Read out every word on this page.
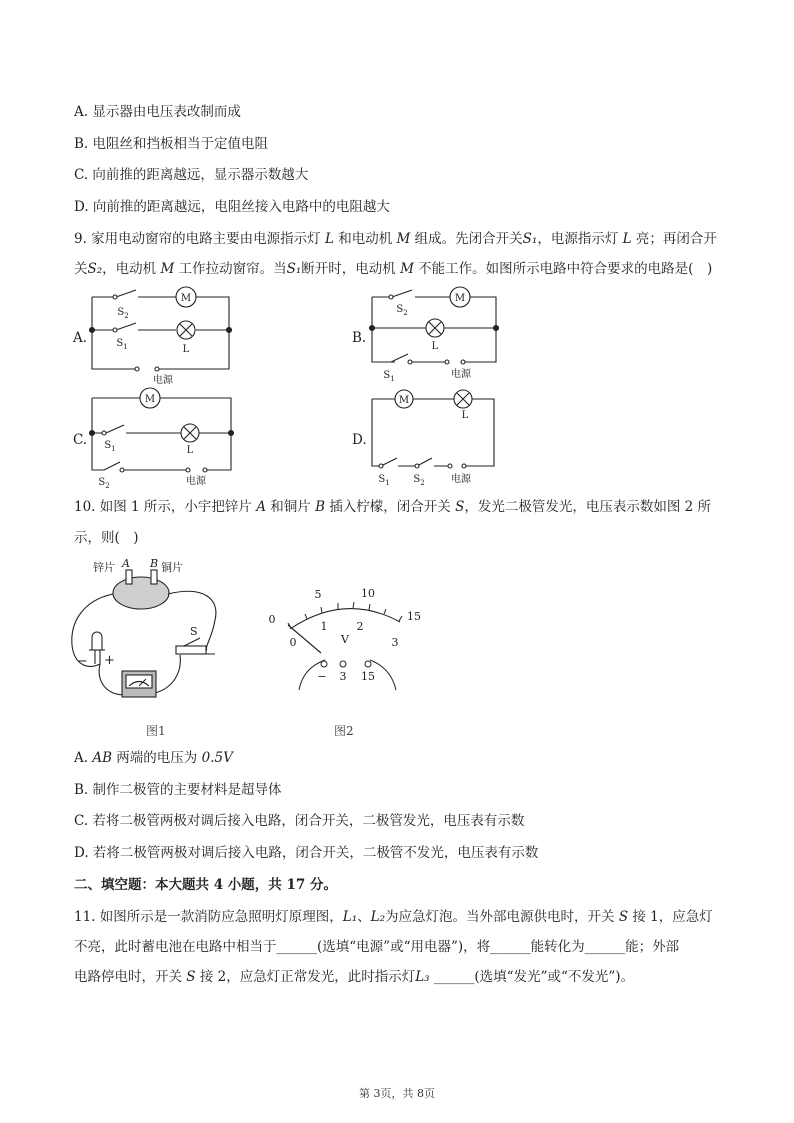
A. 显示器由电压表改制而成
B. 电阻丝和挡板相当于定值电阻
C. 向前推的距离越远，显示器示数越大
D. 向前推的距离越远，电阻丝接入电路中的电阻越大
9. 家用电动窗帘的电路主要由电源指示灯 L 和电动机 M 组成。先闭合开关S₁，电源指示灯 L 亮；再闭合开
关S₂，电动机 M 工作拉动窗帘。当S₁断开时，电动机 M 不能工作。如图所示电路中符合要求的电路是(　)
A.	B.
C.	D.
M
L
$S_2$
$S_1$
电源
M
L
$S_2$
$S_1$	电源
M
L
$S_1$
$S_2$	电源
M
L
$S_1$ $S_2$	电源
10. 如图 1 所示，小宇把锌片 A 和铜片 B 插入柠檬，闭合开关 S，发光二极管发光，电压表示数如图 2 所
示，则(　)
锌片 A B 铜片
S
− +
图1
0
5	10
15
0
1	2
3
V
− 3 15
图2
A. AB 两端的电压为 0.5V
B. 制作二极管的主要材料是超导体
C. 若将二极管两极对调后接入电路，闭合开关，二极管发光，电压表有示数
D. 若将二极管两极对调后接入电路，闭合开关，二极管不发光，电压表有示数
二、填空题：本大题共 4 小题，共 17 分。
11. 如图所示是一款消防应急照明灯原理图，L₁、L₂为应急灯泡。当外部电源供电时，开关 S 接 1，应急灯
不亮，此时蓄电池在电路中相当于______(选填“电源”或“用电器”)，将______能转化为______能；外部
电路停电时，开关 S 接 2，应急灯正常发光，此时指示灯L₃ ______(选填“发光”或“不发光”)。
第 3页，共 8页
